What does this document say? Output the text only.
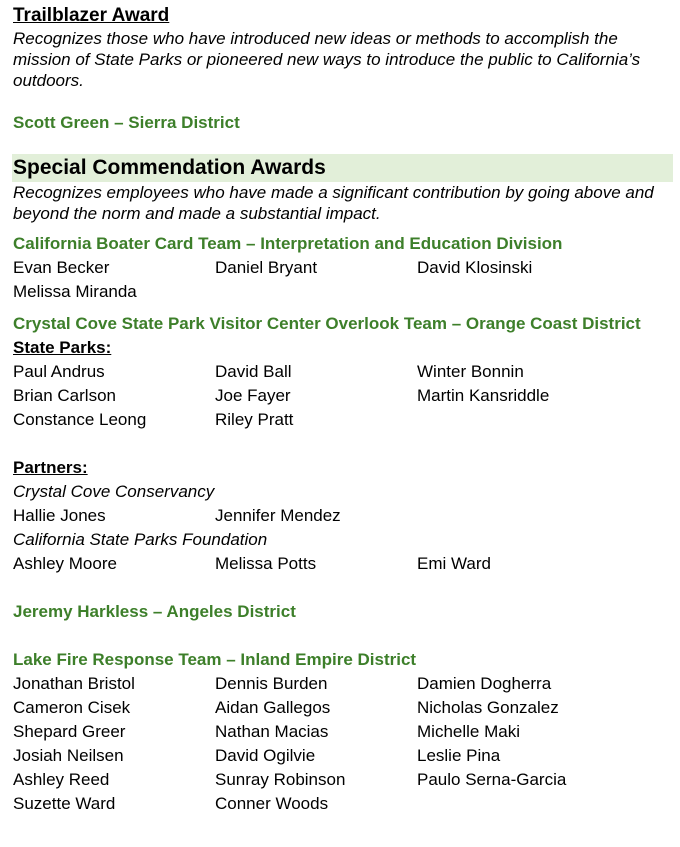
Trailblazer Award
Recognizes those who have introduced new ideas or methods to accomplish the mission of State Parks or pioneered new ways to introduce the public to California’s outdoors.
Scott Green – Sierra District
Special Commendation Awards
Recognizes employees who have made a significant contribution by going above and beyond the norm and made a substantial impact.
California Boater Card Team – Interpretation and Education Division
Evan Becker	Daniel Bryant	David Klosinski
Melissa Miranda
Crystal Cove State Park Visitor Center Overlook Team – Orange Coast District
State Parks:
Paul Andrus	David Ball	Winter Bonnin
Brian Carlson	Joe Fayer	Martin Kansriddle
Constance Leong	Riley Pratt
Partners:
Crystal Cove Conservancy
Hallie Jones	Jennifer Mendez
California State Parks Foundation
Ashley Moore	Melissa Potts	Emi Ward
Jeremy Harkless – Angeles District
Lake Fire Response Team – Inland Empire District
Jonathan Bristol	Dennis Burden	Damien Dogherra
Cameron Cisek	Aidan Gallegos	Nicholas Gonzalez
Shepard Greer	Nathan Macias	Michelle Maki
Josiah Neilsen	David Ogilvie	Leslie Pina
Ashley Reed	Sunray Robinson	Paulo Serna-Garcia
Suzette Ward	Conner Woods
